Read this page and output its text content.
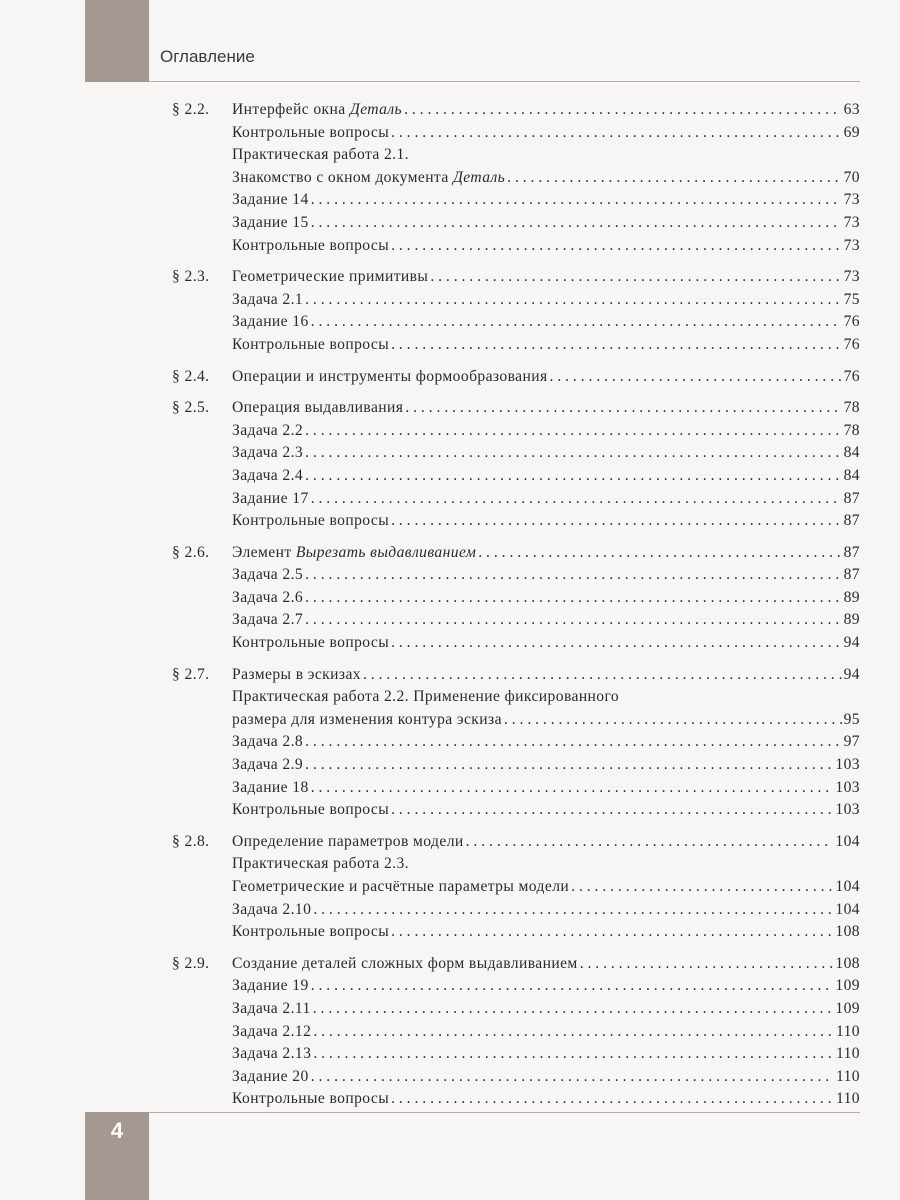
Оглавление
§ 2.2.	Интерфейс окна Деталь . . .	63
Контрольные вопросы . . .	69
Практическая работа 2.1.
Знакомство с окном документа Деталь . . .	70
Задание 14 . . .	73
Задание 15 . . .	73
Контрольные вопросы . . .	73
§ 2.3.	Геометрические примитивы . . .	73
Задача 2.1 . . .	75
Задание 16 . . .	76
Контрольные вопросы . . .	76
§ 2.4.	Операции и инструменты формообразования . . .	76
§ 2.5.	Операция выдавливания . . .	78
Задача 2.2 . . .	78
Задача 2.3 . . .	84
Задача 2.4 . . .	84
Задание 17 . . .	87
Контрольные вопросы . . .	87
§ 2.6.	Элемент Вырезать выдавливанием . . .	87
Задача 2.5 . . .	87
Задача 2.6 . . .	89
Задача 2.7 . . .	89
Контрольные вопросы . . .	94
§ 2.7.	Размеры в эскизах . . .	94
Практическая работа 2.2. Применение фиксированного
размера для изменения контура эскиза . . .	95
Задача 2.8 . . .	97
Задача 2.9 . . .	103
Задание 18 . . .	103
Контрольные вопросы . . .	103
§ 2.8.	Определение параметров модели . . .	104
Практическая работа 2.3.
Геометрические и расчётные параметры модели . . .	104
Задача 2.10 . . .	104
Контрольные вопросы . . .	108
§ 2.9.	Создание деталей сложных форм выдавливанием . . .	108
Задание 19 . . .	109
Задача 2.11 . . .	109
Задача 2.12 . . .	110
Задача 2.13 . . .	110
Задание 20 . . .	110
Контрольные вопросы . . .	110
4
